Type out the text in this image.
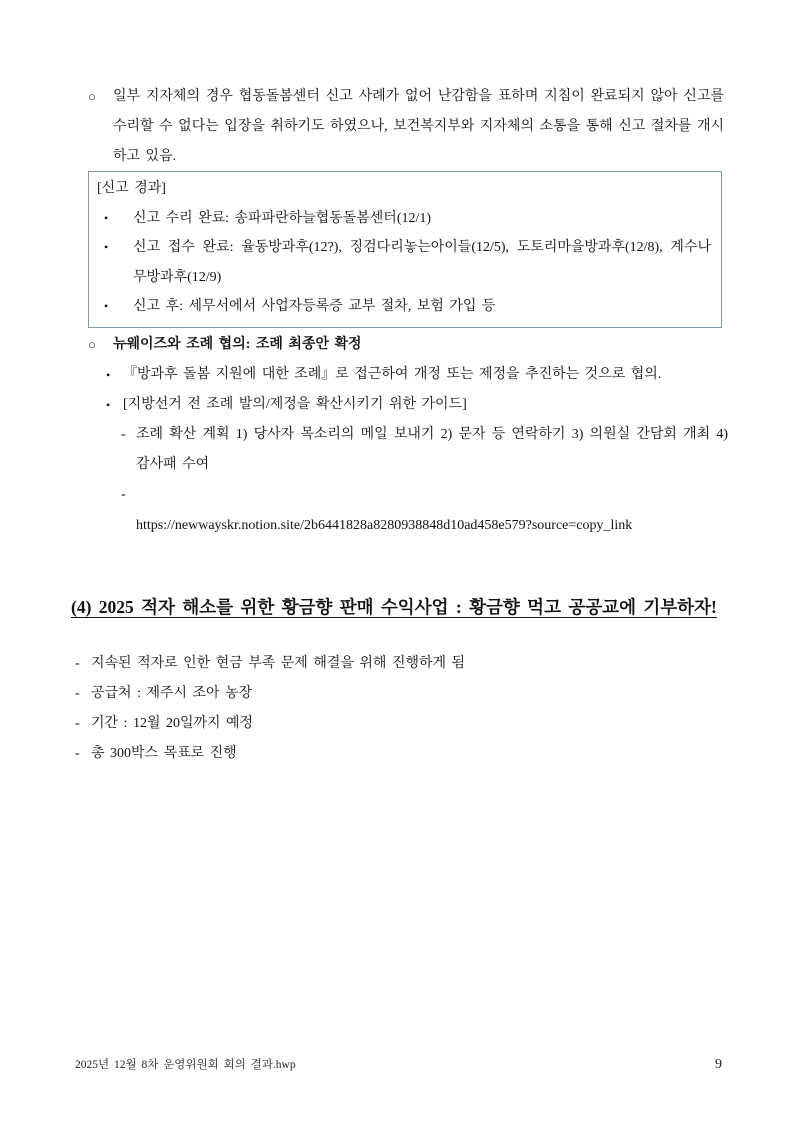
○	일부 지자체의 경우 협동돌봄센터 신고 사례가 없어 난감함을 표하며 지침이 완료되지 않아 신고를 수리할 수 없다는 입장을 취하기도 하였으나, 보건복지부와 지자체의 소통을 통해 신고 절차를 개시하고 있음.
[신고 경과]
•	신고 수리 완료: 송파파란하늘협동돌봄센터(12/1)
•	신고 접수 완료: 율동방과후(12?), 징검다리놓는아이들(12/5), 도토리마을방과후(12/8), 계수나무방과후(12/9)
•	신고 후: 세무서에서 사업자등록증 교부 절차, 보험 가입 등
○	뉴웨이즈와 조례 협의: 조례 최종안 확정
• 『방과후 돌봄 지원에 대한 조례』로 접근하여 개정 또는 제정을 추진하는 것으로 협의.
• [지방선거 전 조례 발의/제정을 확산시키기 위한 가이드]
- 조례 확산 계획 1) 당사자 목소리의 메일 보내기 2) 문자 등 연락하기 3) 의원실 간담회 개최 4) 감사패 수여
-
https://newwayskr.notion.site/2b6441828a8280938848d10ad458e579?source=copy_link
(4) 2025 적자 해소를 위한 황금향 판매 수익사업 : 황금향 먹고 공공교에 기부하자!
- 지속된 적자로 인한 현금 부족 문제 해결을 위해 진행하게 됨
- 공급처 : 제주시 조아 농장
- 기간 : 12월 20일까지 예정
- 총 300박스 목표로 진행
2025년 12월 8차 운영위원회 회의 결과.hwp	9
